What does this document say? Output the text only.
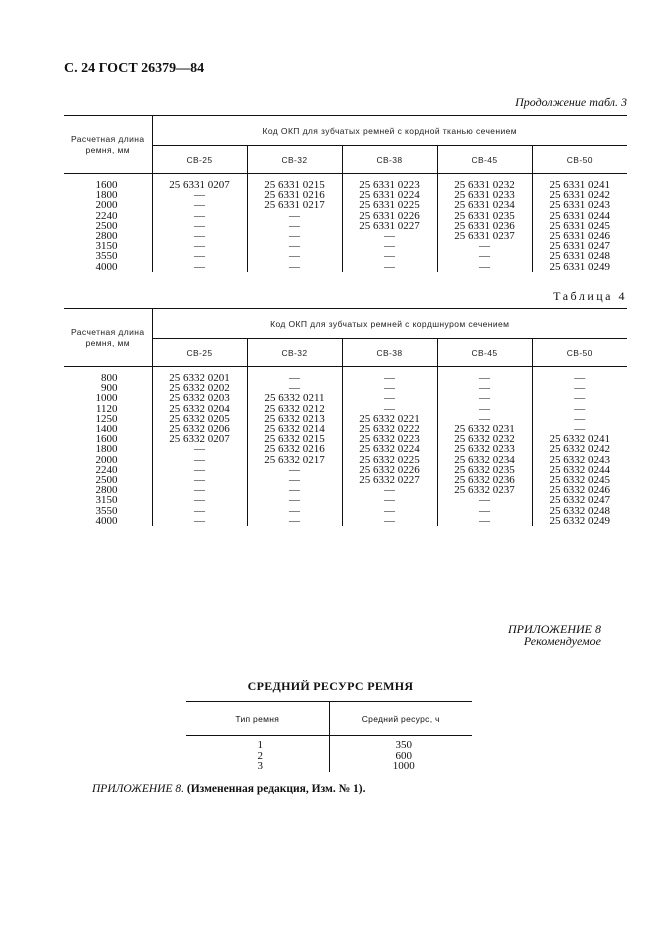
С. 24 ГОСТ 26379—84
Продолжение табл. 3
Расчетная длина ремня, мм	Код ОКП для зубчатых ремней с кордной тканью сечением				
	СВ-25	СВ-32	СВ-38	СВ-45	СВ-50
1600	25 6331 0207	25 6331 0215	25 6331 0223	25 6331 0232	25 6331 0241
1800	—	25 6331 0216	25 6331 0224	25 6331 0233	25 6331 0242
2000	—	25 6331 0217	25 6331 0225	25 6331 0234	25 6331 0243
2240	—	—	25 6331 0226	25 6331 0235	25 6331 0244
2500	—	—	25 6331 0227	25 6331 0236	25 6331 0245
2800	—	—	—	25 6331 0237	25 6331 0246
3150	—	—	—	—	25 6331 0247
3550	—	—	—	—	25 6331 0248
4000	—	—	—	—	25 6331 0249
Таблица 4
Расчетная длина ремня, мм	Код ОКП для зубчатых ремней с кордшнуром сечением				
	СВ-25	СВ-32	СВ-38	СВ-45	СВ-50
800	25 6332 0201	—	—	—	—
900	25 6332 0202	—	—	—	—
1000	25 6332 0203	25 6332 0211	—	—	—
1120	25 6332 0204	25 6332 0212	—	—	—
1250	25 6332 0205	25 6332 0213	25 6332 0221	—	—
1400	25 6332 0206	25 6332 0214	25 6332 0222	25 6332 0231	—
1600	25 6332 0207	25 6332 0215	25 6332 0223	25 6332 0232	25 6332 0241
1800	—	25 6332 0216	25 6332 0224	25 6332 0233	25 6332 0242
2000	—	25 6332 0217	25 6332 0225	25 6332 0234	25 6332 0243
2240	—	—	25 6332 0226	25 6332 0235	25 6332 0244
2500	—	—	25 6332 0227	25 6332 0236	25 6332 0245
2800	—	—	—	25 6332 0237	25 6332 0246
3150	—	—	—	—	25 6332 0247
3550	—	—	—	—	25 6332 0248
4000	—	—	—	—	25 6332 0249
ПРИЛОЖЕНИЕ 8
Рекомендуемое
СРЕДНИЙ РЕСУРС РЕМНЯ
Тип ремня	Средний ресурс, ч
1	350
2	600
3	1000
ПРИЛОЖЕНИЕ 8. (Измененная редакция, Изм. № 1).
